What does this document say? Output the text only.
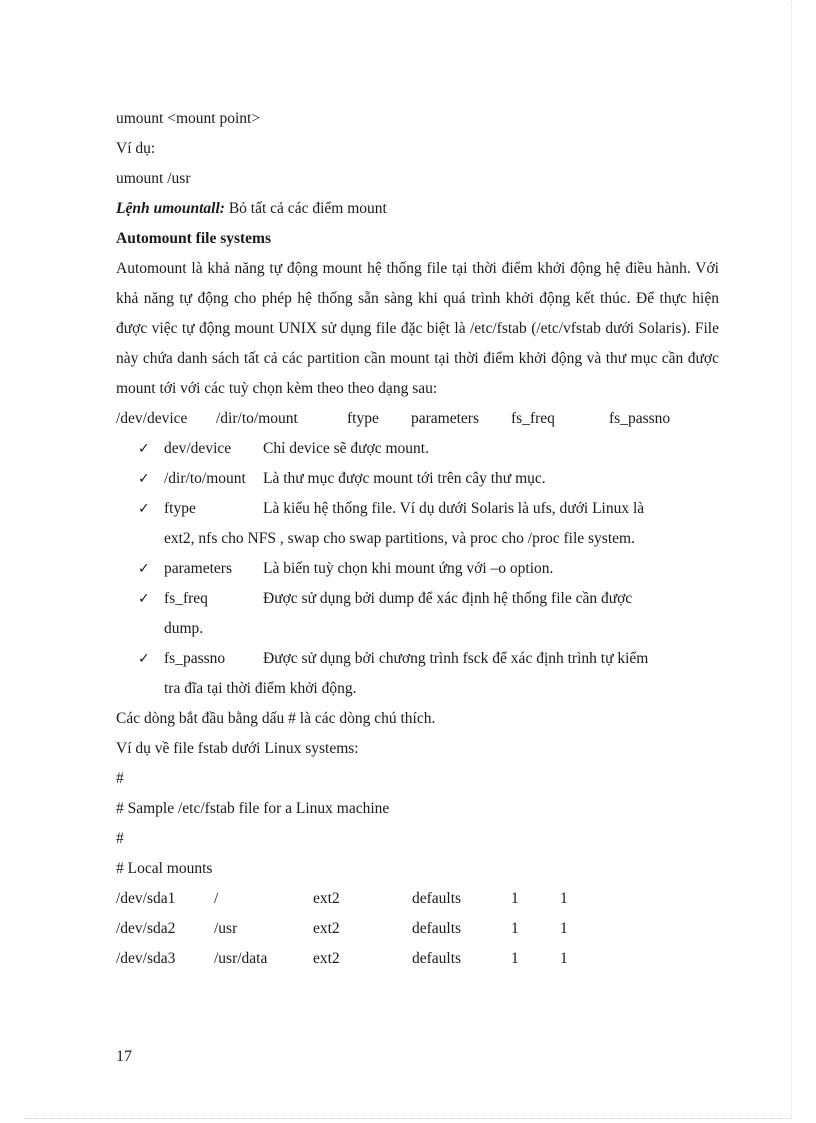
umount <mount point>
Ví dụ:
umount /usr
Lệnh umountall: Bỏ tất cả các điểm mount
Automount file systems
Automount là khả năng tự động mount hệ thống file tại thời điểm khởi động hệ điều hành. Với khả năng tự động cho phép hệ thống sẵn sàng khi quá trình khởi động kết thúc. Để thực hiện được việc tự động mount UNIX sử dụng file đặc biệt là /etc/fstab (/etc/vfstab dưới Solaris). File này chứa danh sách tất cả các partition cần mount tại thời điểm khởi động và thư mục cần được mount tới với các tuỳ chọn kèm theo theo dạng sau:
/dev/device /dir/to/mount	ftype parameters fs_freq	fs_passno
✓ dev/device	Chỉ device sẽ được mount.
✓ /dir/to/mount	Là thư mục được mount tới trên cây thư mục.
✓ ftype	Là kiểu hệ thống file. Ví dụ dưới Solaris là ufs, dưới Linux là
ext2, nfs cho NFS , swap cho swap partitions, và proc cho /proc file system.
✓ parameters	Là biến tuỳ chọn khi mount ứng với –o option.
✓ fs_freq	Được sử dụng bởi dump để xác định hệ thống file cần được
dump.
✓ fs_passno	Được sử dụng bởi chương trình fsck để xác định trình tự kiểm
tra đĩa tại thời điểm khởi động.
Các dòng bắt đầu bằng dấu # là các dòng chú thích.
Ví dụ về file fstab dưới Linux systems:
#
# Sample /etc/fstab file for a Linux machine
#
# Local mounts
/dev/sda1 /	ext2	defaults	1	1
/dev/sda2 /usr	ext2	defaults	1	1
/dev/sda3 /usr/data	ext2	defaults	1	1
17
